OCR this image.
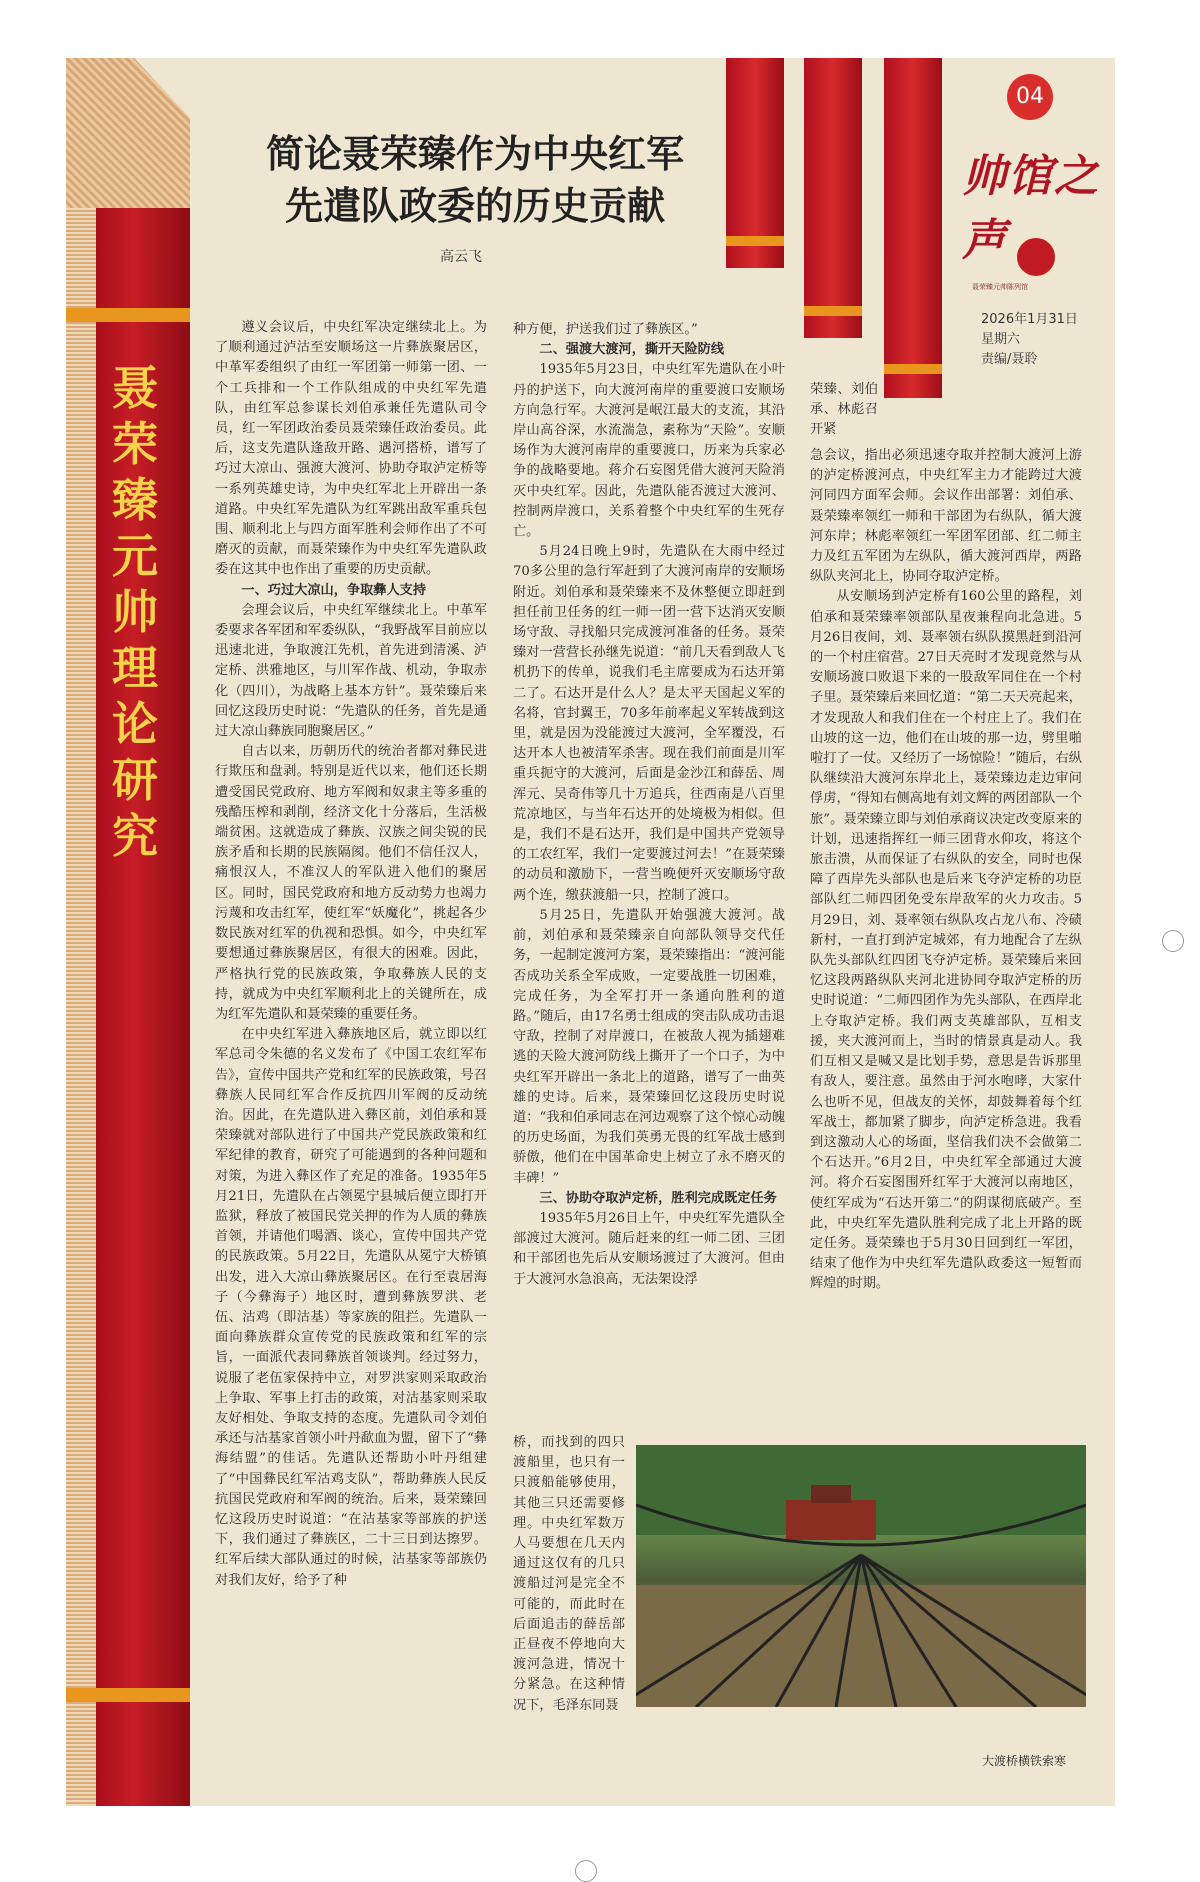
聂
荣
臻
元
帅
理
论
研
究
04
帅馆之声
聂荣臻元帅陈列馆
2026年1月31日
星期六
责编/聂聆
简论聂荣臻作为中央红军
先遣队政委的历史贡献
高云飞

遵义会议后，中央红军决定继续北上。为了顺利通过泸沽至安顺场这一片彝族聚居区，中革军委组织了由红一军团第一师第一团、一个工兵排和一个工作队组成的中央红军先遣队，由红军总参谋长刘伯承兼任先遣队司令员，红一军团政治委员聂荣臻任政治委员。此后，这支先遣队逢敌开路、遇河搭桥，谱写了巧过大凉山、强渡大渡河、协助夺取泸定桥等一系列英雄史诗，为中央红军北上开辟出一条道路。中央红军先遣队为红军跳出敌军重兵包围、顺利北上与四方面军胜利会师作出了不可磨灭的贡献，而聂荣臻作为中央红军先遣队政委在这其中也作出了重要的历史贡献。

一、巧过大凉山，争取彝人支持

会理会议后，中央红军继续北上。中革军委要求各军团和军委纵队，“我野战军目前应以迅速北进，争取渡江先机，首先进到清溪、泸定桥、洪雅地区，与川军作战、机动，争取赤化（四川），为战略上基本方针”。聂荣臻后来回忆这段历史时说：“先遣队的任务，首先是通过大凉山彝族同胞聚居区。”

自古以来，历朝历代的统治者都对彝民进行欺压和盘剥。特别是近代以来，他们还长期遭受国民党政府、地方军阀和奴隶主等多重的残酷压榨和剥削，经济文化十分落后，生活极端贫困。这就造成了彝族、汉族之间尖锐的民族矛盾和长期的民族隔阂。他们不信任汉人，痛恨汉人，不准汉人的军队进入他们的聚居区。同时，国民党政府和地方反动势力也竭力污蔑和攻击红军，使红军“妖魔化”，挑起各少数民族对红军的仇视和恐惧。如今，中央红军要想通过彝族聚居区，有很大的困难。因此，严格执行党的民族政策，争取彝族人民的支持，就成为中央红军顺利北上的关键所在，成为红军先遣队和聂荣臻的重要任务。

在中央红军进入彝族地区后，就立即以红军总司令朱德的名义发布了《中国工农红军布告》，宣传中国共产党和红军的民族政策，号召彝族人民同红军合作反抗四川军阀的反动统治。因此，在先遣队进入彝区前，刘伯承和聂荣臻就对部队进行了中国共产党民族政策和红军纪律的教育，研究了可能遇到的各种问题和对策，为进入彝区作了充足的准备。1935年5月21日，先遣队在占领冕宁县城后便立即打开监狱，释放了被国民党关押的作为人质的彝族首领，并请他们喝酒、谈心，宣传中国共产党的民族政策。5月22日，先遣队从冕宁大桥镇出发，进入大凉山彝族聚居区。在行至袁居海子（今彝海子）地区时，遭到彝族罗洪、老伍、沽鸡（即沽基）等家族的阻拦。先遣队一面向彝族群众宣传党的民族政策和红军的宗旨，一面派代表同彝族首领谈判。经过努力，说服了老伍家保持中立，对罗洪家则采取政治上争取、军事上打击的政策，对沽基家则采取友好相处、争取支持的态度。先遣队司令刘伯承还与沽基家首领小叶丹歃血为盟，留下了“彝海结盟”的佳话。先遣队还帮助小叶丹组建了“中国彝民红军沽鸡支队”，帮助彝族人民反抗国民党政府和军阀的统治。后来，聂荣臻回忆这段历史时说道：“在沽基家等部族的护送下，我们通过了彝族区，二十三日到达擦罗。红军后续大部队通过的时候，沽基家等部族仍对我们友好，给予了种

种方便，护送我们过了彝族区。”

二、强渡大渡河，撕开天险防线

1935年5月23日，中央红军先遣队在小叶丹的护送下，向大渡河南岸的重要渡口安顺场方向急行军。大渡河是岷江最大的支流，其沿岸山高谷深，水流湍急，素称为“天险”。安顺场作为大渡河南岸的重要渡口，历来为兵家必争的战略要地。蒋介石妄图凭借大渡河天险消灭中央红军。因此，先遣队能否渡过大渡河、控制两岸渡口，关系着整个中央红军的生死存亡。

5月24日晚上9时，先遣队在大雨中经过70多公里的急行军赶到了大渡河南岸的安顺场附近。刘伯承和聂荣臻来不及休整便立即赶到担任前卫任务的红一师一团一营下达消灭安顺场守敌、寻找船只完成渡河准备的任务。聂荣臻对一营营长孙继先说道：“前几天看到敌人飞机扔下的传单，说我们毛主席要成为石达开第二了。石达开是什么人？是太平天国起义军的名将，官封翼王，70多年前率起义军转战到这里，就是因为没能渡过大渡河，全军覆没，石达开本人也被清军杀害。现在我们前面是川军重兵扼守的大渡河，后面是金沙江和薛岳、周浑元、吴奇伟等几十万追兵，往西南是八百里荒凉地区，与当年石达开的处境极为相似。但是，我们不是石达开，我们是中国共产党领导的工农红军，我们一定要渡过河去！”在聂荣臻的动员和激励下，一营当晚便歼灭安顺场守敌两个连，缴获渡船一只，控制了渡口。

5月25日，先遣队开始强渡大渡河。战前，刘伯承和聂荣臻亲自向部队领导交代任务，一起制定渡河方案，聂荣臻指出：“渡河能否成功关系全军成败，一定要战胜一切困难，完成任务，为全军打开一条通向胜利的道路。”随后，由17名勇士组成的突击队成功击退守敌，控制了对岸渡口，在被敌人视为插翅难逃的天险大渡河防线上撕开了一个口子，为中央红军开辟出一条北上的道路，谱写了一曲英雄的史诗。后来，聂荣臻回忆这段历史时说道：“我和伯承同志在河边观察了这个惊心动魄的历史场面，为我们英勇无畏的红军战士感到骄傲，他们在中国革命史上树立了永不磨灭的丰碑！”

三、协助夺取泸定桥，胜利完成既定任务

1935年5月26日上午，中央红军先遣队全部渡过大渡河。随后赶来的红一师二团、三团和干部团也先后从安顺场渡过了大渡河。但由于大渡河水急浪高，无法架设浮

桥，而找到的四只渡船里，也只有一只渡船能够使用，其他三只还需要修理。中央红军数万人马要想在几天内通过这仅有的几只渡船过河是完全不可能的，而此时在后面追击的薛岳部正昼夜不停地向大渡河急进，情况十分紧急。在这种情况下，毛泽东同聂

荣臻、刘伯承、林彪召开紧

急会议，指出必须迅速夺取并控制大渡河上游的泸定桥渡河点，中央红军主力才能跨过大渡河同四方面军会师。会议作出部署：刘伯承、聂荣臻率领红一师和干部团为右纵队，循大渡河东岸；林彪率领红一军团军团部、红二师主力及红五军团为左纵队，循大渡河西岸，两路纵队夹河北上，协同夺取泸定桥。

从安顺场到泸定桥有160公里的路程，刘伯承和聂荣臻率领部队星夜兼程向北急进。5月26日夜间，刘、聂率领右纵队摸黑赶到沿河的一个村庄宿营。27日天亮时才发现竟然与从安顺场渡口败退下来的一股敌军同住在一个村子里。聂荣臻后来回忆道：“第二天天亮起来，才发现敌人和我们住在一个村庄上了。我们在山坡的这一边，他们在山坡的那一边，劈里啪啦打了一仗。又经历了一场惊险！”随后，右纵队继续沿大渡河东岸北上，聂荣臻边走边审问俘虏，“得知右侧高地有刘文辉的两团部队一个旅”。聂荣臻立即与刘伯承商议决定改变原来的计划，迅速指挥红一师三团背水仰攻，将这个旅击溃，从而保证了右纵队的安全，同时也保障了西岸先头部队也是后来飞夺泸定桥的功臣部队红二师四团免受东岸敌军的火力攻击。5月29日，刘、聂率领右纵队攻占龙八布、冷碛新村，一直打到泸定城郊，有力地配合了左纵队先头部队红四团飞夺泸定桥。聂荣臻后来回忆这段两路纵队夹河北进协同夺取泸定桥的历史时说道：“二师四团作为先头部队，在西岸北上夺取泸定桥。我们两支英雄部队，互相支援，夹大渡河而上，当时的情景真是动人。我们互相又是喊又是比划手势，意思是告诉那里有敌人，要注意。虽然由于河水咆哮，大家什么也听不见，但战友的关怀，却鼓舞着每个红军战士，都加紧了脚步，向泸定桥急进。我看到这激动人心的场面，坚信我们决不会做第二个石达开。”6月2日，中央红军全部通过大渡河。将介石妄图围歼红军于大渡河以南地区，使红军成为“石达开第二”的阴谋彻底破产。至此，中央红军先遣队胜利完成了北上开路的既定任务。聂荣臻也于5月30日回到红一军团，结束了他作为中央红军先遣队政委这一短暂而辉煌的时期。

大渡桥横铁索寒
